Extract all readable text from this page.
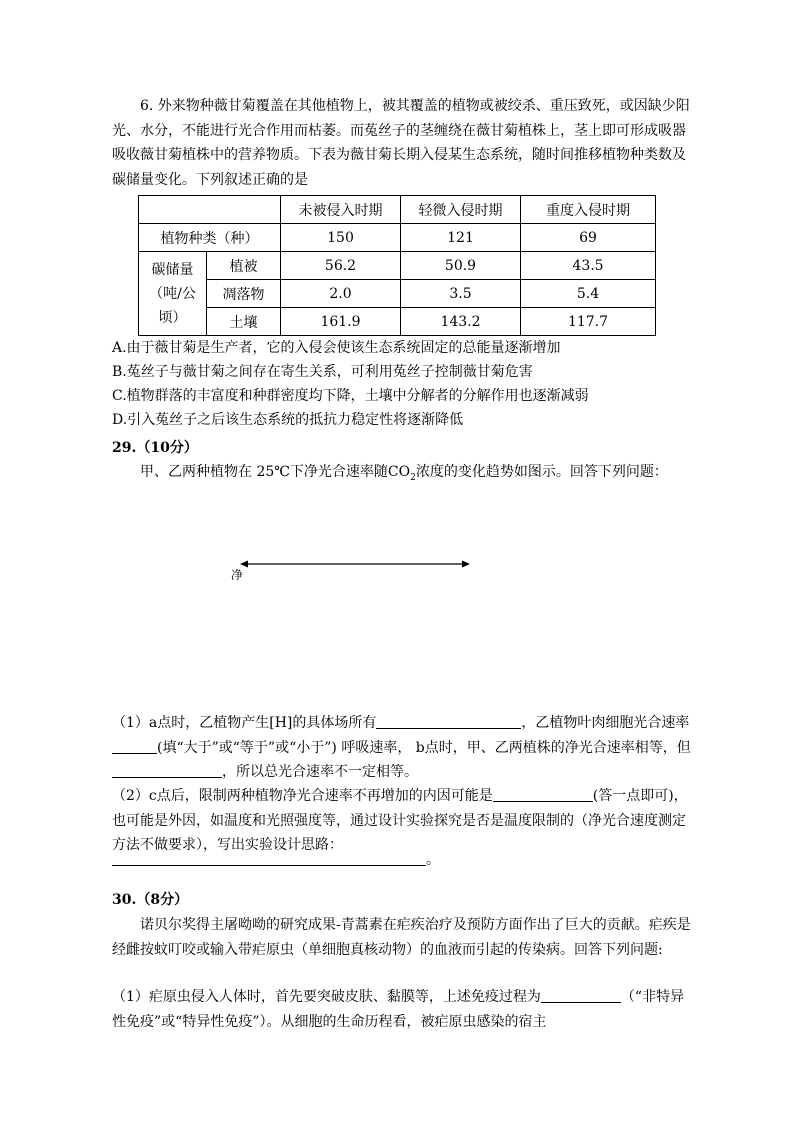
6. 外来物种薇甘菊覆盖在其他植物上，被其覆盖的植物或被绞杀、重压致死，或因缺少阳光、水分，不能进行光合作用而枯萎。而菟丝子的茎缠绕在薇甘菊植株上，茎上即可形成吸器吸收薇甘菊植株中的营养物质。下表为薇甘菊长期入侵某生态系统，随时间推移植物种类数及碳储量变化。下列叙述正确的是
		未被侵入时期	轻微入侵时期	重度入侵时期
植物种类（种）		150	121	69

碳储量
（吨/公
顷）	植被	56.2	50.9	43.5
	凋落物	2.0	3.5	5.4
	土壤	161.9	143.2	117.7
A.由于薇甘菊是生产者，它的入侵会使该生态系统固定的总能量逐渐增加
B.菟丝子与薇甘菊之间存在寄生关系，可利用菟丝子控制薇甘菊危害
C.植物群落的丰富度和种群密度均下降，土壤中分解者的分解作用也逐渐减弱
D.引入菟丝子之后该生态系统的抵抗力稳定性将逐渐降低
29.（10分）
甲、乙两种植物在 25℃下净光合速率随$CO_2$浓度的变化趋势如图示。回答下列问题：
净
（1）a点时，乙植物产生[H]的具体场所有	，乙植物叶肉细胞光合速率(填“大于”或“等于”或“小于”) 呼吸速率， b点时，甲、乙两植株的净光合速率相等，但，所以总光合速率不一定相等。
（2）c点后，限制两种植物净光合速率不再增加的内因可能是	(答一点即可)，也可能是外因，如温度和光照强度等，通过设计实验探究是否是温度限制的（净光合速度测定方法不做要求），写出实验设计思路：
。
30.（8分）
诺贝尔奖得主屠呦呦的研究成果-青蒿素在疟疾治疗及预防方面作出了巨大的贡献。疟疾是经雌按蚊叮咬或输入带疟原虫（单细胞真核动物）的血液而引起的传染病。回答下列问题:
（1）疟原虫侵入人体时，首先要突破皮肤、黏膜等，上述免疫过程为	（“非特异性免疫”或“特异性免疫”）。从细胞的生命历程看，被疟原虫感染的宿主
